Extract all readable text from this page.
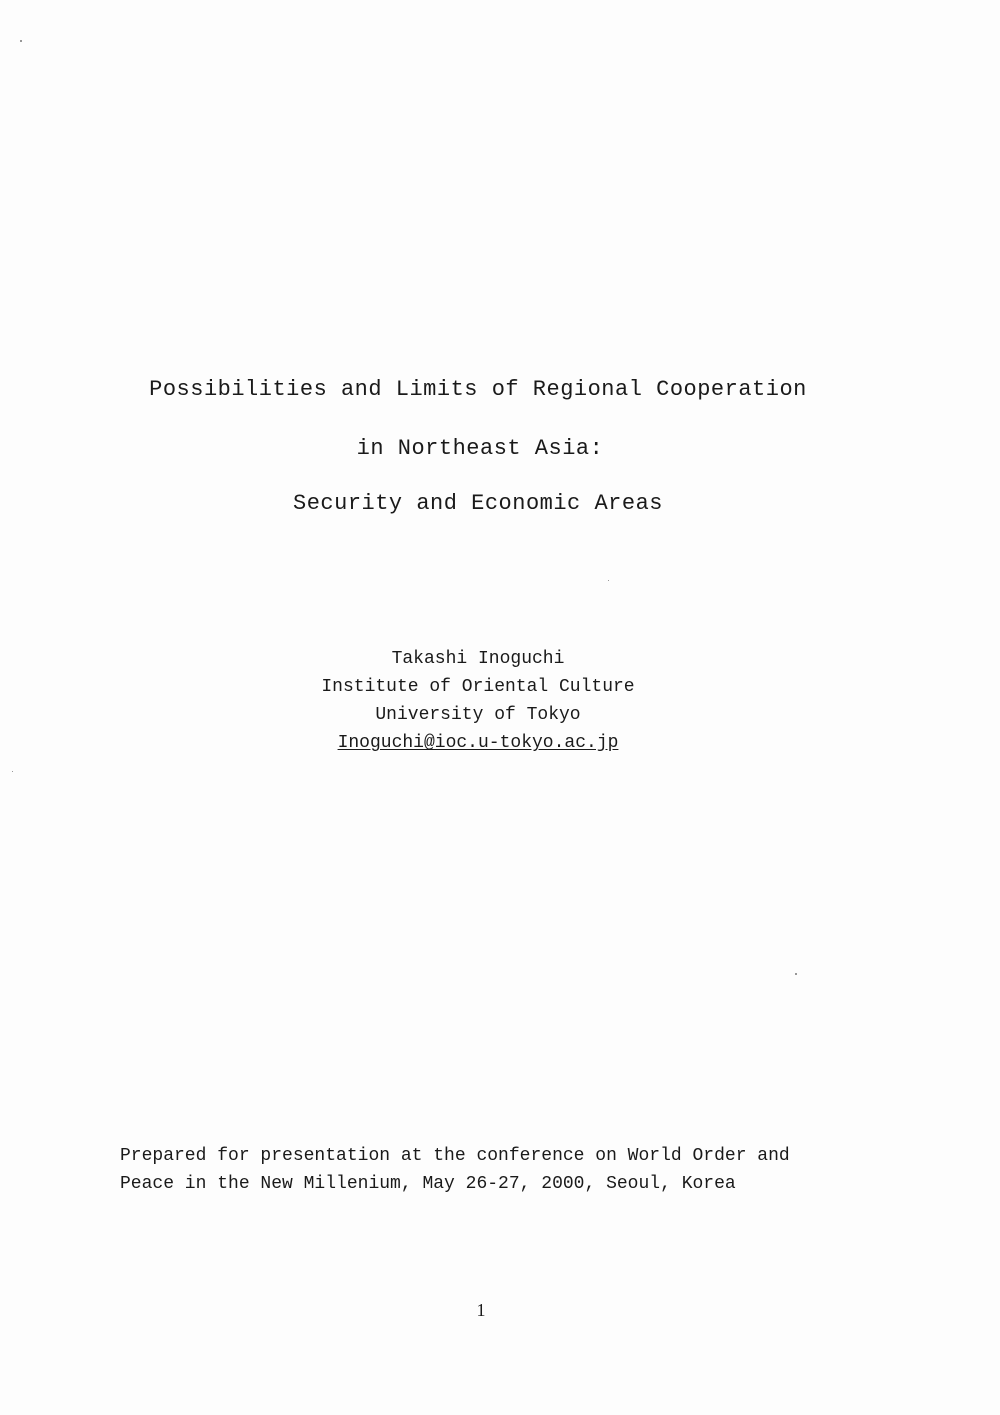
Possibilities and Limits of Regional Cooperation
in Northeast Asia:
Security and Economic Areas
Takashi Inoguchi
Institute of Oriental Culture
University of Tokyo
Inoguchi@ioc.u-tokyo.ac.jp
Prepared for presentation at the conference on World Order and
Peace in the New Millenium, May 26-27, 2000, Seoul, Korea
1
